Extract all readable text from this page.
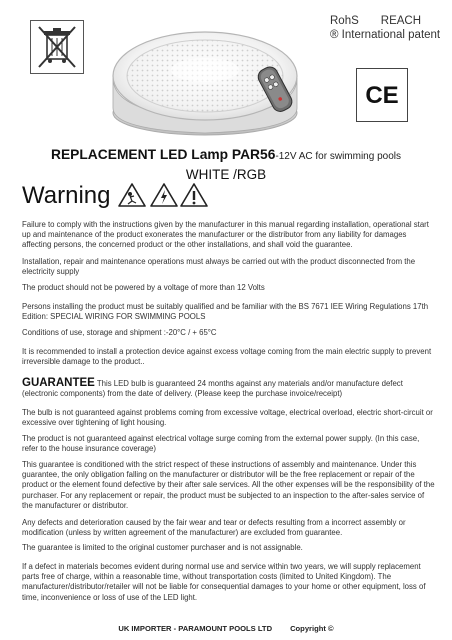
RohS REACH
® International patent
CE
REPLACEMENT LED Lamp PAR56-12V AC for swimming pools
WHITE /RGB
Warning
Failure to comply with the instructions given by the manufacturer in this manual regarding installation, operational start up and maintenance of the product exonerates the manufacturer or the distributor from any liability for damages affecting persons, the concerned product or the other installations, and shall void the guarantee.
Installation, repair and maintenance operations must always be carried out with the product disconnected from the electricity supply
The product should not be powered by a voltage of more than 12 Volts
Persons installing the product must be suitably qualified and be familiar with the BS 7671 IEE Wiring Regulations 17th Edition: SPECIAL WIRING FOR SWIMMING POOLS
Conditions of use, storage and shipment :-20°C / + 65°C
It is recommended to install a protection device against excess voltage coming from the main electric supply to prevent irreversible damage to the product..
GUARANTEE This LED bulb is guaranteed 24 months against any materials and/or manufacture defect (electronic components) from the date of delivery. (Please keep the purchase invoice/receipt)
The bulb is not guaranteed against problems coming from excessive voltage, electrical overload, electric short-circuit or excessive over tightening of light housing.
The product is not guaranteed against electrical voltage surge coming from the external power supply. (In this case, refer to the house insurance coverage)
This guarantee is conditioned with the strict respect of these instructions of assembly and maintenance. Under this guarantee, the only obligation falling on the manufacturer or distributor will be the free replacement or repair of the product or the element found defective by their after sale services. All the other expenses will be the responsibility of the purchaser. For any replacement or repair, the product must be subjected to an inspection to the after-sales service of the manufacturer or distributor.
Any defects and deterioration caused by the fair wear and tear or defects resulting from a incorrect assembly or modification (unless by written agreement of the manufacturer) are excluded from guarantee.
The guarantee is limited to the original customer purchaser and is not assignable.
If a defect in materials becomes evident during normal use and service within two years, we will supply replacement parts free of charge, within a reasonable time, without transportation costs (limited to United Kingdom). The manufacturer/distributor/retailer will not be liable for consequential damages to your home or other equipment, loss of time, inconvenience or loss of use of the LED light.
UK IMPORTER - PARAMOUNT POOLS LTD Copyright ©
